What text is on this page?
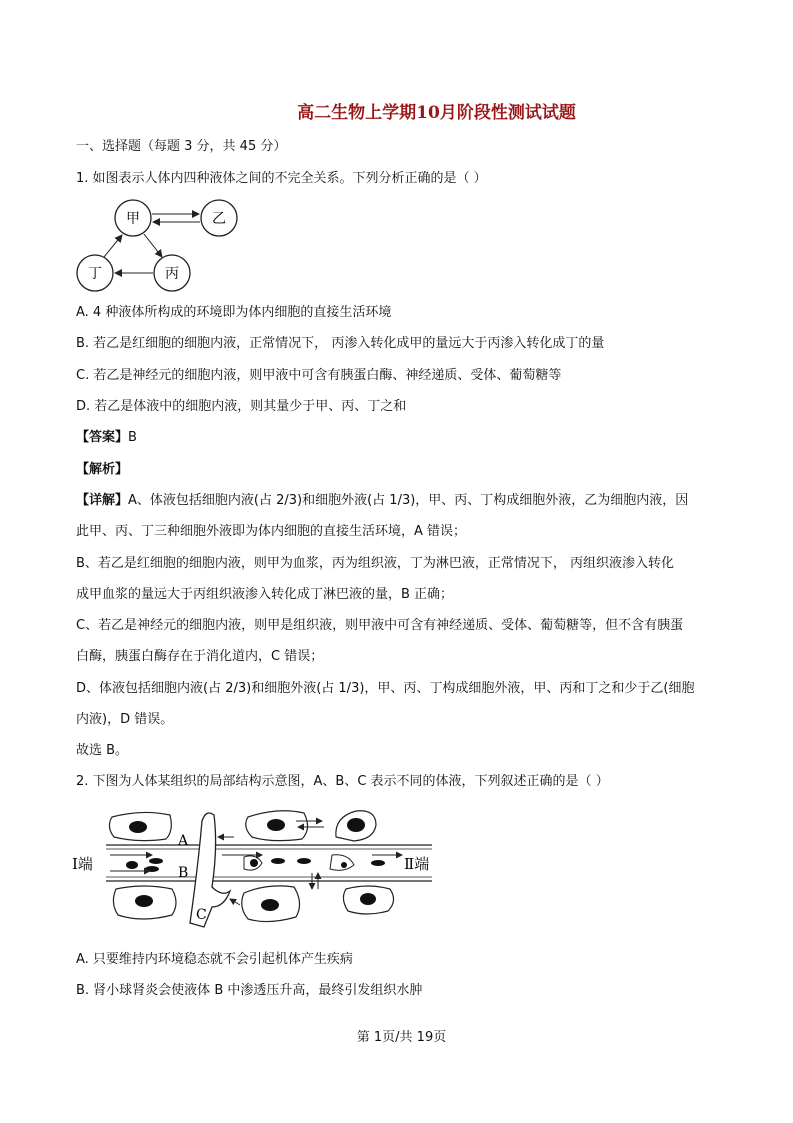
高二生物上学期10月阶段性测试试题
一、选择题（每题 3 分，共 45 分）
1. 如图表示人体内四种液体之间的不完全关系。下列分析正确的是（ ）
甲	乙
丁	丙
A. 4 种液体所构成的环境即为体内细胞的直接生活环境
B. 若乙是红细胞的细胞内液，正常情况下， 丙渗入转化成甲的量远大于丙渗入转化成丁的量
C. 若乙是神经元的细胞内液，则甲液中可含有胰蛋白酶、神经递质、受体、葡萄糖等
D. 若乙是体液中的细胞内液，则其量少于甲、丙、丁之和
【答案】B
【解析】
【详解】A、体液包括细胞内液(占 2/3)和细胞外液(占 1/3)，甲、丙、丁构成细胞外液，乙为细胞内液，因
此甲、丙、丁三种细胞外液即为体内细胞的直接生活环境，A 错误；
B、若乙是红细胞的细胞内液，则甲为血浆，丙为组织液，丁为淋巴液，正常情况下， 丙组织液渗入转化
成甲血浆的量远大于丙组织液渗入转化成丁淋巴液的量，B 正确；
C、若乙是神经元的细胞内液，则甲是组织液，则甲液中可含有神经递质、受体、葡萄糖等，但不含有胰蛋
白酶，胰蛋白酶存在于消化道内，C 错误；
D、体液包括细胞内液(占 2/3)和细胞外液(占 1/3)，甲、丙、丁构成细胞外液，甲、丙和丁之和少于乙(细胞
内液)，D 错误。
故选 B。
2. 下图为人体某组织的局部结构示意图，A、B、C 表示不同的体液，下列叙述正确的是（ ）
A
B
C
Ⅰ端	Ⅱ端
A. 只要维持内环境稳态就不会引起机体产生疾病
B. 肾小球肾炎会使液体 B 中渗透压升高，最终引发组织水肿
第 1页/共 19页
